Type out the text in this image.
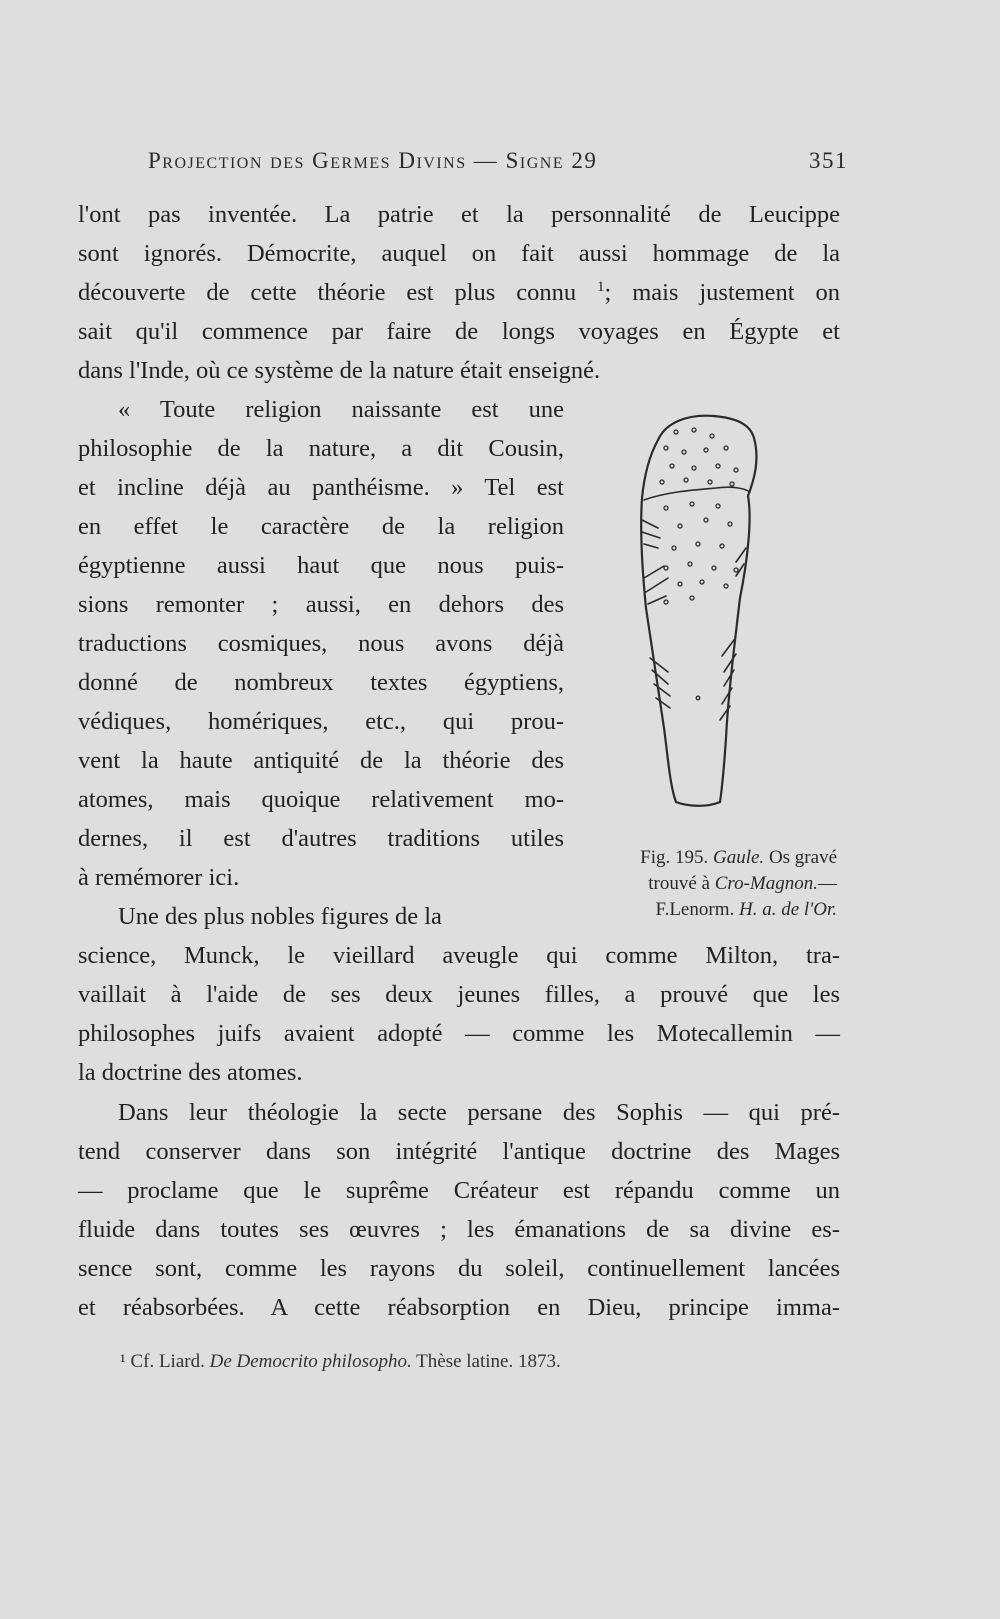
Projection des Germes Divins — Signe 29	351
l'ont pas inventée. La patrie et la personnalité de Leucippe
sont ignorés. Démocrite, auquel on fait aussi hommage de la
découverte de cette théorie est plus connu $^1$; mais justement on
sait qu'il commence par faire de longs voyages en Égypte et
dans l'Inde, où ce système de la nature était enseigné.
« Toute religion naissante est une
philosophie de la nature, a dit Cousin,
et incline déjà au panthéisme. » Tel est
en effet le caractère de la religion
égyptienne aussi haut que nous puis-
sions remonter ; aussi, en dehors des
traductions cosmiques, nous avons déjà
donné de nombreux textes égyptiens,
védiques, homériques, etc., qui prou-
vent la haute antiquité de la théorie des
atomes, mais quoique relativement mo-
dernes, il est d'autres traditions utiles
à remémorer ici.
Une des plus nobles figures de la
science, Munck, le vieillard aveugle qui comme Milton, tra-
vaillait à l'aide de ses deux jeunes filles, a prouvé que les
philosophes juifs avaient adopté — comme les Motecallemin —
la doctrine des atomes.
Dans leur théologie la secte persane des Sophis — qui pré-
tend conserver dans son intégrité l'antique doctrine des Mages
— proclame que le suprême Créateur est répandu comme un
fluide dans toutes ses œuvres ; les émanations de sa divine es-
sence sont, comme les rayons du soleil, continuellement lancées
et réabsorbées. A cette réabsorption en Dieu, principe imma-
Fig. 195. Gaule. Os gravé
trouvé à Cro-Magnon.—
F.Lenorm. H. a. de l'Or.
¹ Cf. Liard. De Democrito philosopho. Thèse latine. 1873.
